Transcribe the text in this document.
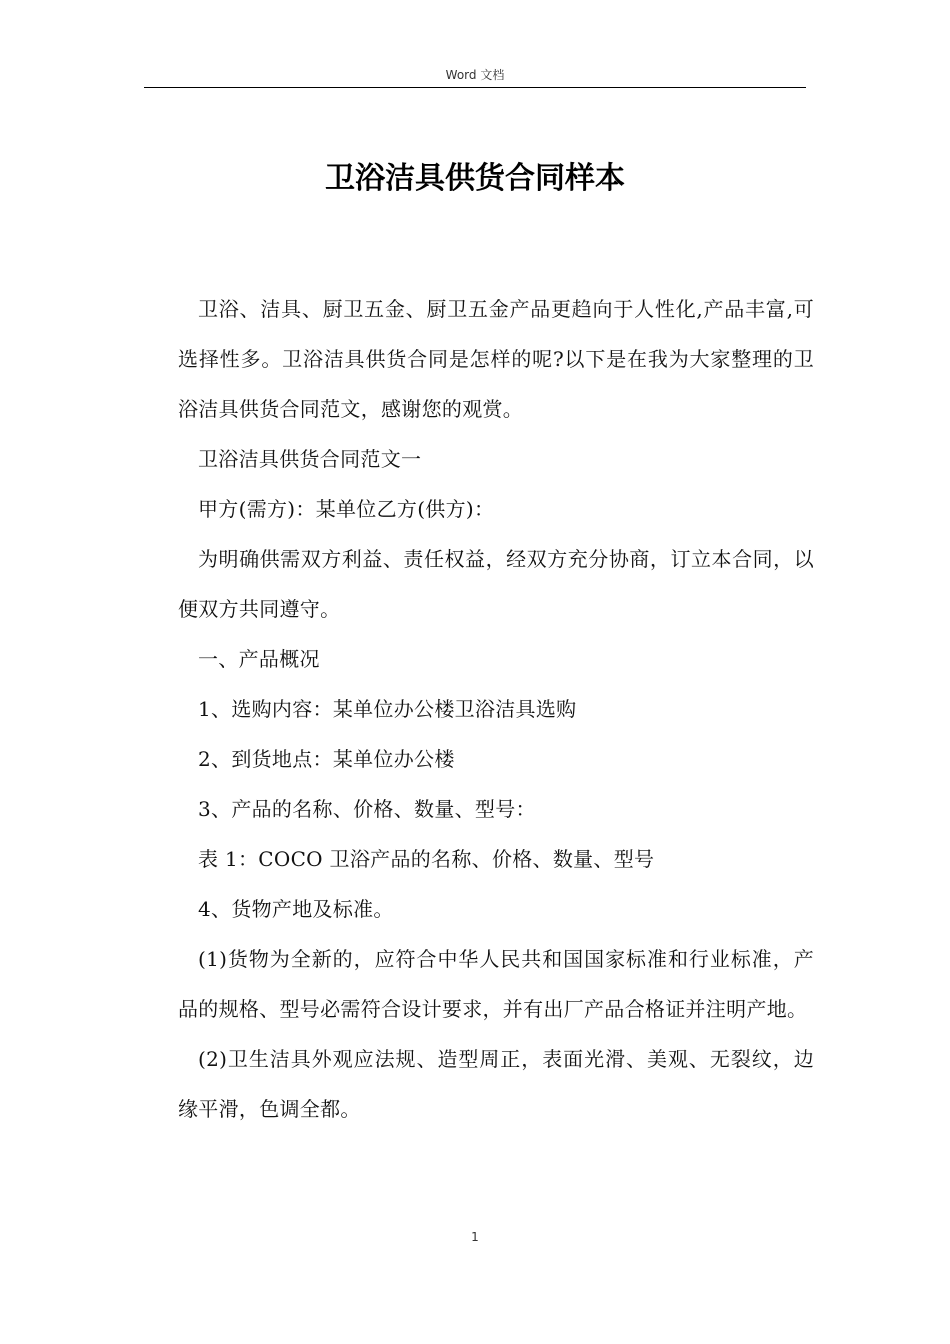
Word 文档
卫浴洁具供货合同样本

卫浴、洁具、厨卫五金、厨卫五金产品更趋向于人性化,产品丰富,可选择性多。卫浴洁具供货合同是怎样的呢?以下是在我为大家整理的卫浴洁具供货合同范文，感谢您的观赏。

卫浴洁具供货合同范文一

甲方(需方)：某单位乙方(供方)：

为明确供需双方利益、责任权益，经双方充分协商，订立本合同，以便双方共同遵守。

一、产品概况

1、选购内容：某单位办公楼卫浴洁具选购

2、到货地点：某单位办公楼

3、产品的名称、价格、数量、型号：

表 1：COCO 卫浴产品的名称、价格、数量、型号

4、货物产地及标准。

(1)货物为全新的，应符合中华人民共和国国家标准和行业标准，产品的规格、型号必需符合设计要求，并有出厂产品合格证并注明产地。

(2)卫生洁具外观应法规、造型周正，表面光滑、美观、无裂纹，边缘平滑，色调全都。

1
